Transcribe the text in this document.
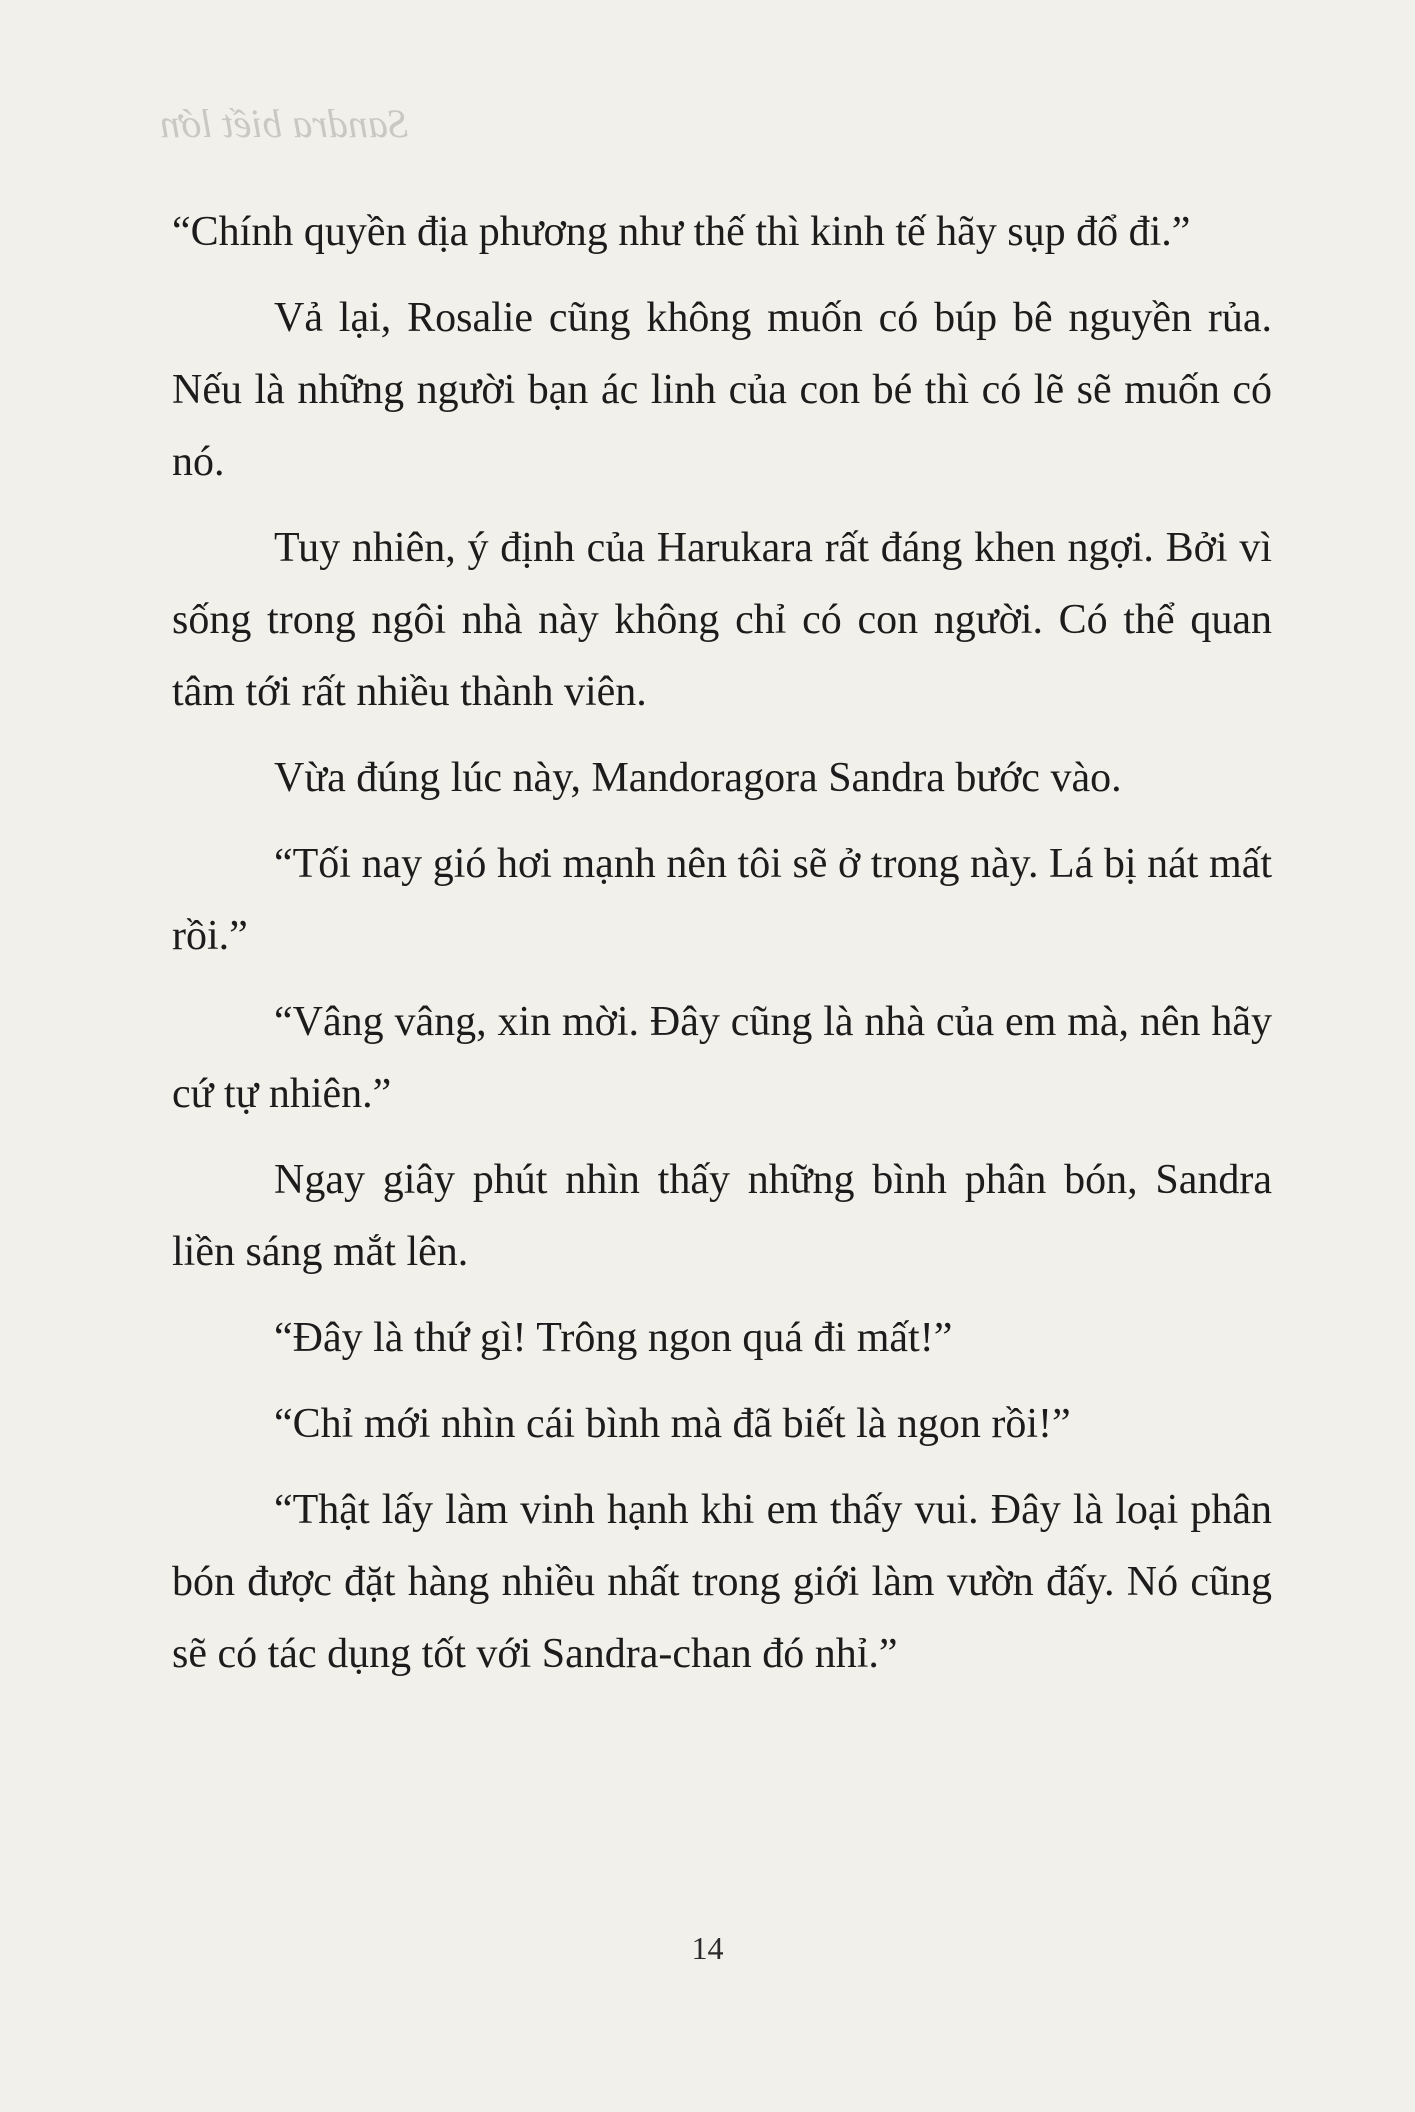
Sandra biết lớn

“Chính quyền địa phương như thế thì kinh tế hãy sụp đổ đi.”

Vả lại, Rosalie cũng không muốn có búp bê nguyền rủa. Nếu là những người bạn ác linh của con bé thì có lẽ sẽ muốn có nó.

Tuy nhiên, ý định của Harukara rất đáng khen ngợi. Bởi vì sống trong ngôi nhà này không chỉ có con người. Có thể quan tâm tới rất nhiều thành viên.

Vừa đúng lúc này, Mandoragora Sandra bước vào.

“Tối nay gió hơi mạnh nên tôi sẽ ở trong này. Lá bị nát mất rồi.”

“Vâng vâng, xin mời. Đây cũng là nhà của em mà, nên hãy cứ tự nhiên.”

Ngay giây phút nhìn thấy những bình phân bón, Sandra liền sáng mắt lên.

“Đây là thứ gì! Trông ngon quá đi mất!”

“Chỉ mới nhìn cái bình mà đã biết là ngon rồi!”

“Thật lấy làm vinh hạnh khi em thấy vui. Đây là loại phân bón được đặt hàng nhiều nhất trong giới làm vườn đấy. Nó cũng sẽ có tác dụng tốt với Sandra-chan đó nhỉ.”

14
